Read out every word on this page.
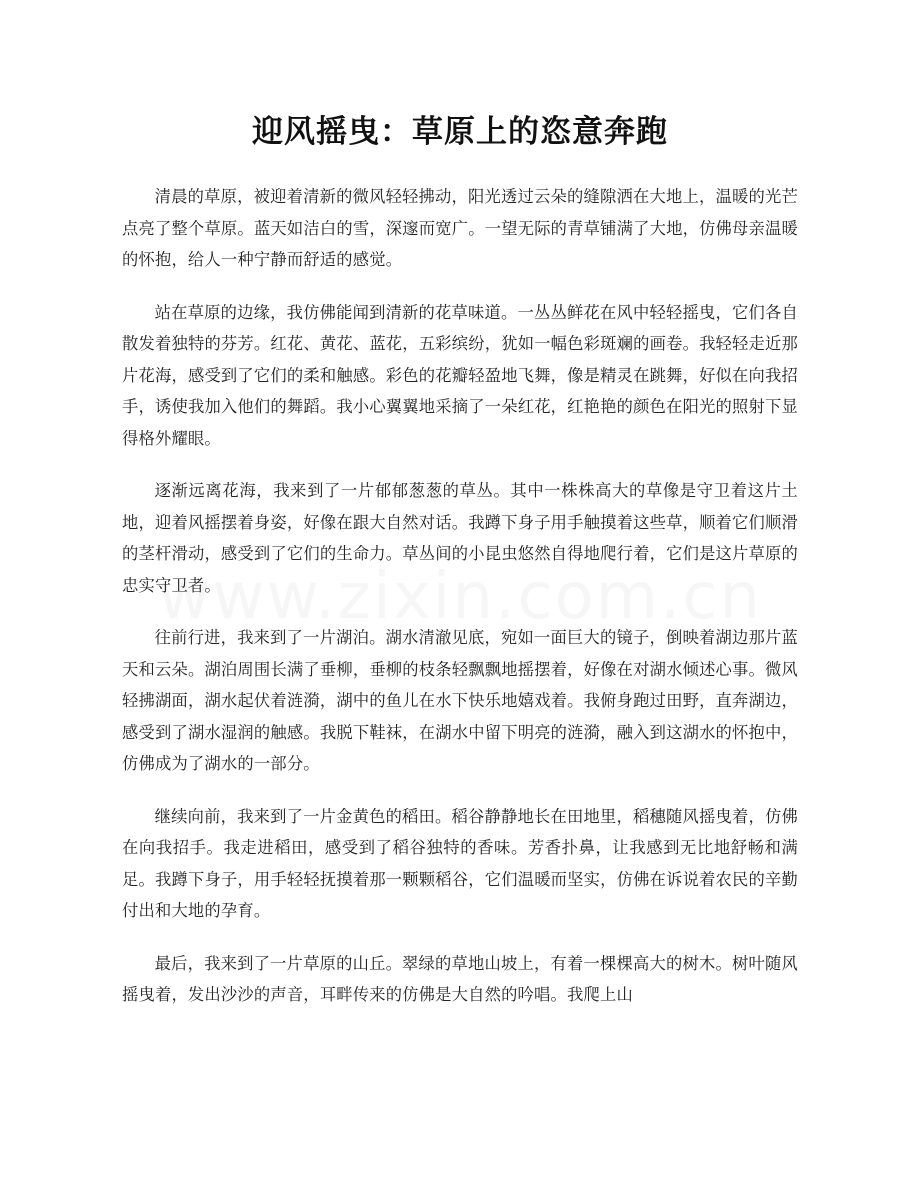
迎风摇曳：草原上的恣意奔跑

清晨的草原，被迎着清新的微风轻轻拂动，阳光透过云朵的缝隙洒在大地上，温暖的光芒点亮了整个草原。蓝天如洁白的雪，深邃而宽广。一望无际的青草铺满了大地，仿佛母亲温暖的怀抱，给人一种宁静而舒适的感觉。

站在草原的边缘，我仿佛能闻到清新的花草味道。一丛丛鲜花在风中轻轻摇曳，它们各自散发着独特的芬芳。红花、黄花、蓝花，五彩缤纷，犹如一幅色彩斑斓的画卷。我轻轻走近那片花海，感受到了它们的柔和触感。彩色的花瓣轻盈地飞舞，像是精灵在跳舞，好似在向我招手，诱使我加入他们的舞蹈。我小心翼翼地采摘了一朵红花，红艳艳的颜色在阳光的照射下显得格外耀眼。

逐渐远离花海，我来到了一片郁郁葱葱的草丛。其中一株株高大的草像是守卫着这片土地，迎着风摇摆着身姿，好像在跟大自然对话。我蹲下身子用手触摸着这些草，顺着它们顺滑的茎杆滑动，感受到了它们的生命力。草丛间的小昆虫悠然自得地爬行着，它们是这片草原的忠实守卫者。

往前行进，我来到了一片湖泊。湖水清澈见底，宛如一面巨大的镜子，倒映着湖边那片蓝天和云朵。湖泊周围长满了垂柳，垂柳的枝条轻飘飘地摇摆着，好像在对湖水倾述心事。微风轻拂湖面，湖水起伏着涟漪，湖中的鱼儿在水下快乐地嬉戏着。我俯身跑过田野，直奔湖边，感受到了湖水湿润的触感。我脱下鞋袜，在湖水中留下明亮的涟漪，融入到这湖水的怀抱中，仿佛成为了湖水的一部分。

继续向前，我来到了一片金黄色的稻田。稻谷静静地长在田地里，稻穗随风摇曳着，仿佛在向我招手。我走进稻田，感受到了稻谷独特的香味。芳香扑鼻，让我感到无比地舒畅和满足。我蹲下身子，用手轻轻抚摸着那一颗颗稻谷，它们温暖而坚实，仿佛在诉说着农民的辛勤付出和大地的孕育。

最后，我来到了一片草原的山丘。翠绿的草地山坡上，有着一棵棵高大的树木。树叶随风摇曳着，发出沙沙的声音，耳畔传来的仿佛是大自然的吟唱。我爬上山
